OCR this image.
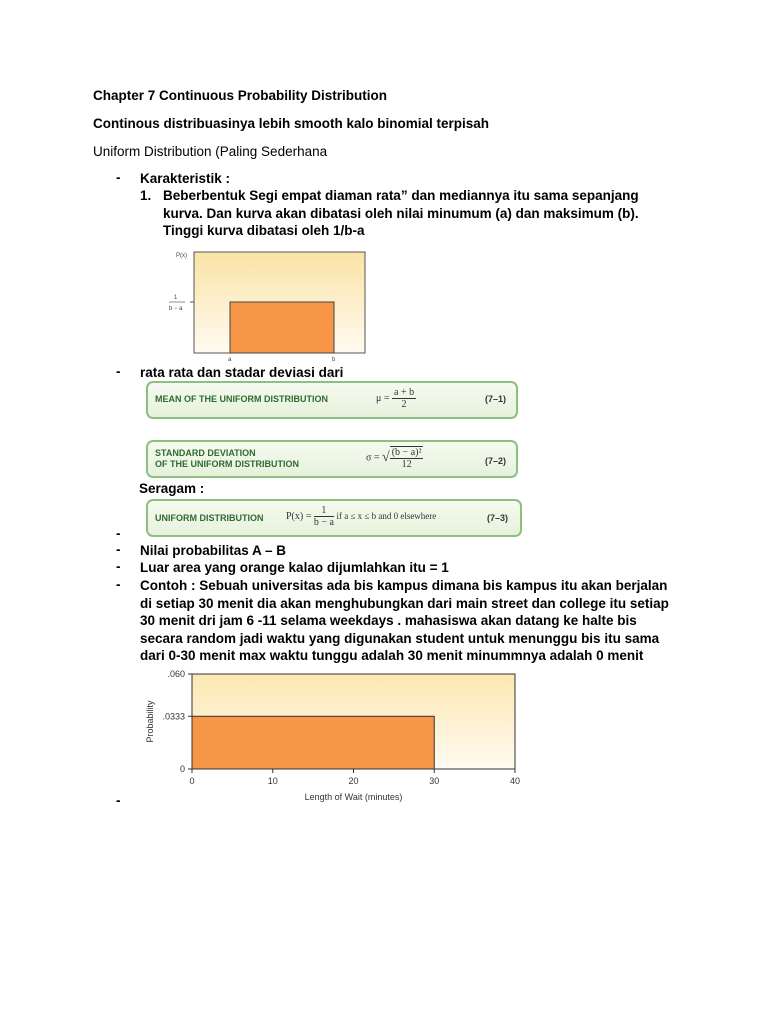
Chapter 7 Continuous Probability Distribution
Continous distribuasinya lebih smooth kalo binomial terpisah
Uniform Distribution (Paling Sederhana
- Karakteristik :
1. Beberbentuk Segi empat diaman rata” dan mediannya itu sama sepanjang kurva. Dan kurva akan dibatasi oleh nilai minumum (a) dan maksimum (b). Tinggi kurva dibatasi oleh 1/b-a
P(x)
1
b − a
a	b
- rata rata dan stadar deviasi dari
MEAN OF THE UNIFORM DISTRIBUTION	$\mu = \frac{a + b}{2}$	(7–1)
STANDARD DEVIATION
OF THE UNIFORM DISTRIBUTION
σ = √ $\frac{\text{(b − a)²}}{12}$	(7–2)
Seragam :
UNIFORM DISTRIBUTION $P(x) = \frac{1}{b - a}$ if a ≤ x ≤ b and 0 elsewhere	(7–3)
-
- Nilai probabilitas A – B
- Luar area yang orange kalao dijumlahkan itu = 1
- Contoh : Sebuah universitas ada bis kampus dimana bis kampus itu akan berjalan di setiap 30 menit dia akan menghubungkan dari main street dan college itu setiap 30 menit dri jam 6 -11 selama weekdays . mahasiswa akan datang ke halte bis secara random jadi waktu yang digunakan student untuk menunggu bis itu sama dari 0-30 menit max waktu tunggu adalah 30 menit minummnya adalah 0 menit
0
.0333
.060
0	10	20	30	40
Probability
Length of Wait (minutes)
-
